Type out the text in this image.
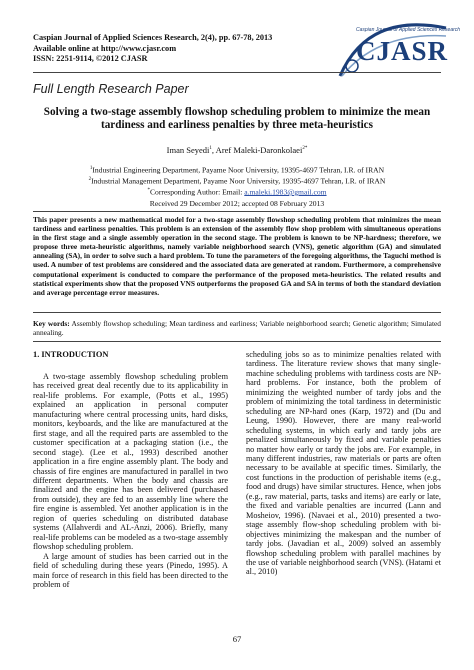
Caspian Journal of Applied Sciences Research, 2(4), pp. 67-78, 2013
Available online at http://www.cjasr.com
ISSN: 2251-9114, ©2012 CJASR
Caspian Journal of Applied Sciences Research
CJASR
Full Length Research Paper
Solving a two-stage assembly flowshop scheduling problem to minimize the mean tardiness and earliness penalties by three meta-heuristics
Iman Seyedi$^1$, Aref Maleki-Daronkolaei$^{2*}$
$^1$Industrial Engineering Department, Payame Noor University, 19395-4697 Tehran, I.R. of IRAN
$^2$Industrial Management Department, Payame Noor University, 19395-4697 Tehran, I.R. of IRAN
*Corresponding Author: Email: a.maleki.1983@gmail.com
Received 29 December 2012; accepted 08 February 2013
This paper presents a new mathematical model for a two-stage assembly flowshop scheduling problem that minimizes the mean tardiness and earliness penalties. This problem is an extension of the assembly flow shop problem with simultaneous operations in the first stage and a single assembly operation in the second stage. The problem is known to be NP-hardness; therefore, we propose three meta-heuristic algorithms, namely variable neighborhood search (VNS), genetic algorithm (GA) and simulated annealing (SA), in order to solve such a hard problem. To tune the parameters of the foregoing algorithms, the Taguchi method is used. A number of test problems are considered and the associated data are generated at random. Furthermore, a comprehensive computational experiment is conducted to compare the performance of the proposed meta-heuristics. The related results and statistical experiments show that the proposed VNS outperforms the proposed GA and SA in terms of both the standard deviation and average percentage error measures.
Key words: Assembly flowshop scheduling; Mean tardiness and earliness; Variable neighborhood search; Genetic algorithm; Simulated annealing.
1. INTRODUCTION

A two-stage assembly flowshop scheduling problem has received great deal recently due to its applicability in real-life problems. For example, (Potts et al., 1995) explained an application in personal computer manufacturing where central processing units, hard disks, monitors, keyboards, and the like are manufactured at the first stage, and all the required parts are assembled to the customer specification at a packaging station (i.e., the second stage). (Lee et al., 1993) described another application in a fire engine assembly plant. The body and chassis of fire engines are manufactured in parallel in two different departments. When the body and chassis are finalized and the engine has been delivered (purchased from outside), they are fed to an assembly line where the fire engine is assembled. Yet another application is in the region of queries scheduling on distributed database systems (Allahverdi and AL-Anzi, 2006). Briefly, many real-life problems can be modeled as a two-stage assembly flowshop scheduling problem.

A large amount of studies has been carried out in the field of scheduling during these years (Pinedo, 1995). A main force of research in this field has been directed to the problem of

scheduling jobs so as to minimize penalties related with tardiness. The literature review shows that many single-machine scheduling problems with tardiness costs are NP-hard problems. For instance, both the problem of minimizing the weighted number of tardy jobs and the problem of minimizing the total tardiness in deterministic scheduling are NP-hard ones (Karp, 1972) and (Du and Leung, 1990). However, there are many real-world scheduling systems, in which early and tardy jobs are penalized simultaneously by fixed and variable penalties no matter how early or tardy the jobs are. For example, in many different industries, raw materials or parts are often necessary to be available at specific times. Similarly, the cost functions in the production of perishable items (e.g., food and drugs) have similar structures. Hence, when jobs (e.g., raw material, parts, tasks and items) are early or late, the fixed and variable penalties are incurred (Lann and Mosheiov, 1996). (Navaei et al., 2010) presented a two-stage assembly flow-shop scheduling problem with bi-objectives minimizing the makespan and the number of tardy jobs. (Javadian et al., 2009) solved an assembly flowshop scheduling problem with parallel machines by the use of variable neighborhood search (VNS). (Hatami et al., 2010)

67
